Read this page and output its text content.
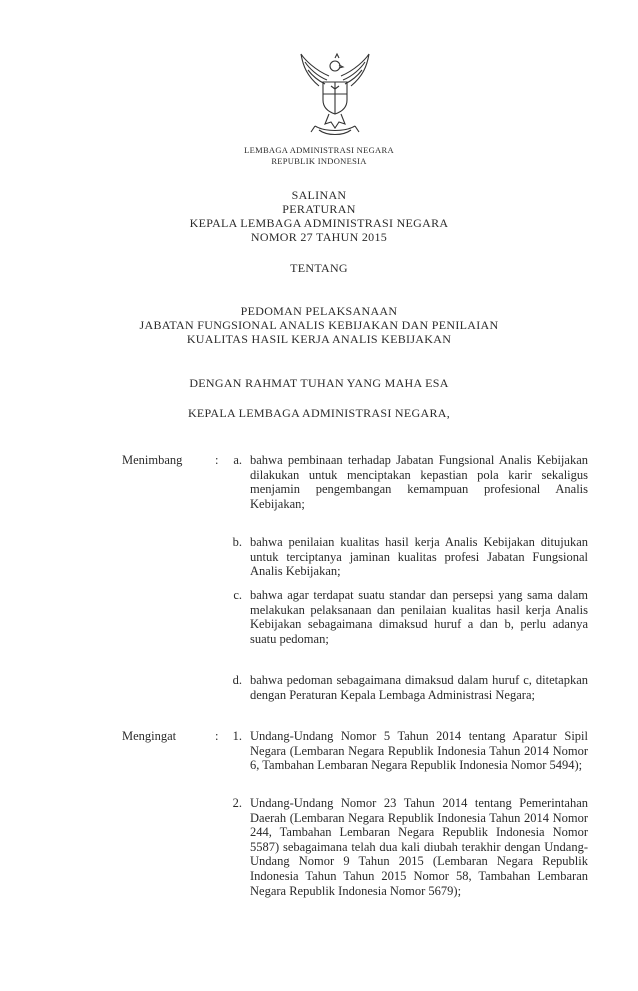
LEMBAGA ADMINISTRASI NEGARA
REPUBLIK INDONESIA
SALINAN
PERATURAN
KEPALA LEMBAGA ADMINISTRASI NEGARA
NOMOR 27 TAHUN 2015
TENTANG
PEDOMAN PELAKSANAAN
JABATAN FUNGSIONAL ANALIS KEBIJAKAN DAN PENILAIAN
KUALITAS HASIL KERJA ANALIS KEBIJAKAN
DENGAN RAHMAT TUHAN YANG MAHA ESA
KEPALA LEMBAGA ADMINISTRASI NEGARA,
Menimbang	:	a. bahwa pembinaan terhadap Jabatan Fungsional Analis Kebijakan dilakukan untuk menciptakan kepastian pola karir sekaligus menjamin pengembangan kemampuan profesional Analis Kebijakan;
b. bahwa penilaian kualitas hasil kerja Analis Kebijakan ditujukan untuk terciptanya jaminan kualitas profesi Jabatan Fungsional Analis Kebijakan;
c. bahwa agar terdapat suatu standar dan persepsi yang sama dalam melakukan pelaksanaan dan penilaian kualitas hasil kerja Analis Kebijakan sebagaimana dimaksud huruf a dan b, perlu adanya suatu pedoman;
d. bahwa pedoman sebagaimana dimaksud dalam huruf c, ditetapkan dengan Peraturan Kepala Lembaga Administrasi Negara;
Mengingat	:	1. Undang-Undang Nomor 5 Tahun 2014 tentang Aparatur Sipil Negara (Lembaran Negara Republik Indonesia Tahun 2014 Nomor 6, Tambahan Lembaran Negara Republik Indonesia Nomor 5494);
2. Undang-Undang Nomor 23 Tahun 2014 tentang Pemerintahan Daerah (Lembaran Negara Republik Indonesia Tahun 2014 Nomor 244, Tambahan Lembaran Negara Republik Indonesia Nomor 5587) sebagaimana telah dua kali diubah terakhir dengan Undang-Undang Nomor 9 Tahun 2015 (Lembaran Negara Republik Indonesia Tahun Tahun 2015 Nomor 58, Tambahan Lembaran Negara Republik Indonesia Nomor 5679);
